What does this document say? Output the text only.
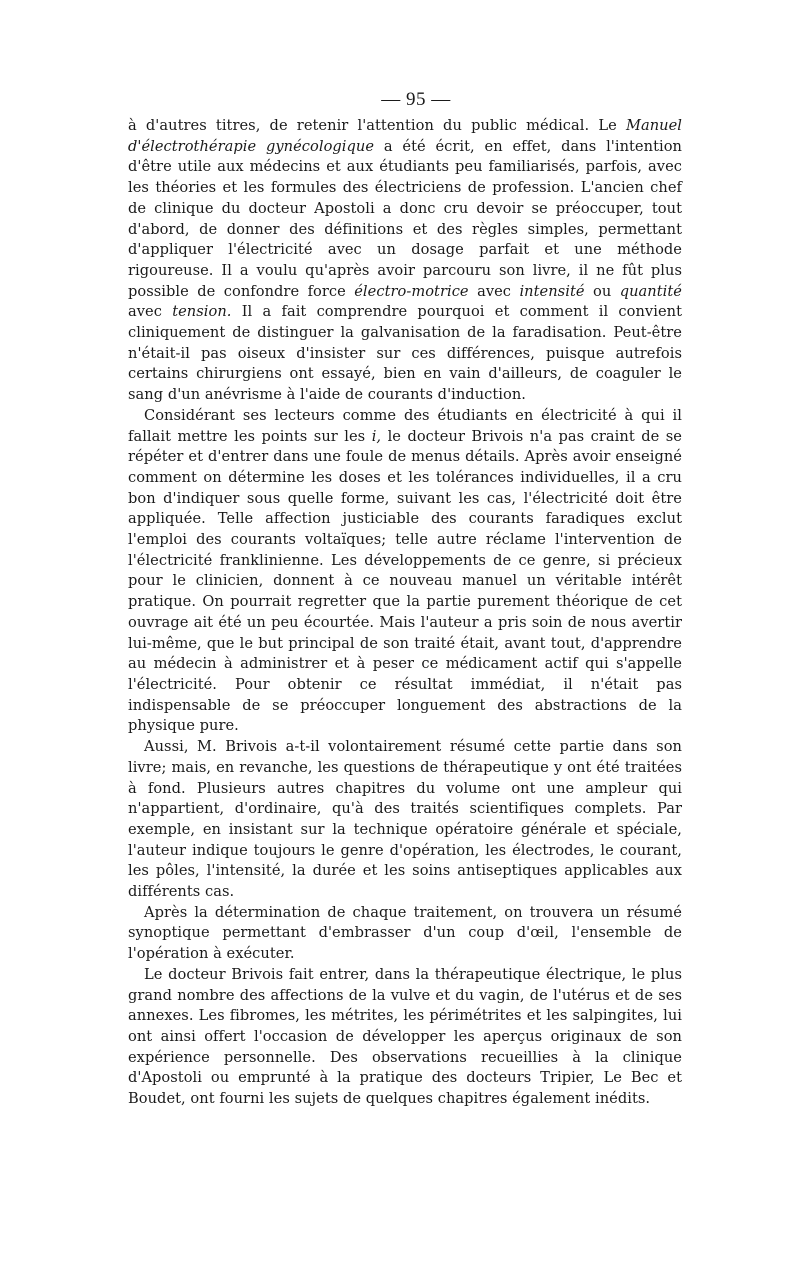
— 95 —

à d'autres titres, de retenir l'attention du public médical. Le Manuel d'électrothérapie gynécologique a été écrit, en effet, dans l'intention d'être utile aux médecins et aux étudiants peu familiarisés, parfois, avec les théories et les formules des électriciens de profession. L'ancien chef de clinique du docteur Apostoli a donc cru devoir se préoccuper, tout d'abord, de donner des définitions et des règles simples, permettant d'appliquer l'électricité avec un dosage parfait et une méthode rigoureuse. Il a voulu qu'après avoir parcouru son livre, il ne fût plus possible de confondre force électro-motrice avec intensité ou quantité avec tension. Il a fait comprendre pourquoi et comment il convient cliniquement de distinguer la galvanisation de la faradisation. Peut-être n'était-il pas oiseux d'insister sur ces différences, puisque autrefois certains chirurgiens ont essayé, bien en vain d'ailleurs, de coaguler le sang d'un anévrisme à l'aide de courants d'induction.

Considérant ses lecteurs comme des étudiants en électricité à qui il fallait mettre les points sur les i, le docteur Brivois n'a pas craint de se répéter et d'entrer dans une foule de menus détails. Après avoir enseigné comment on détermine les doses et les tolérances individuelles, il a cru bon d'indiquer sous quelle forme, suivant les cas, l'électricité doit être appliquée. Telle affection justiciable des courants faradiques exclut l'emploi des courants voltaïques; telle autre réclame l'intervention de l'électricité franklinienne. Les développements de ce genre, si précieux pour le clinicien, donnent à ce nouveau manuel un véritable intérêt pratique. On pourrait regretter que la partie purement théorique de cet ouvrage ait été un peu écourtée. Mais l'auteur a pris soin de nous avertir lui-même, que le but principal de son traité était, avant tout, d'apprendre au médecin à administrer et à peser ce médicament actif qui s'appelle l'électricité. Pour obtenir ce résultat immédiat, il n'était pas indispensable de se préoccuper longuement des abstractions de la physique pure.

Aussi, M. Brivois a-t-il volontairement résumé cette partie dans son livre; mais, en revanche, les questions de thérapeutique y ont été traitées à fond. Plusieurs autres chapitres du volume ont une ampleur qui n'appartient, d'ordinaire, qu'à des traités scientifiques complets. Par exemple, en insistant sur la technique opératoire générale et spéciale, l'auteur indique toujours le genre d'opération, les électrodes, le courant, les pôles, l'intensité, la durée et les soins antiseptiques applicables aux différents cas.

Après la détermination de chaque traitement, on trouvera un résumé synoptique permettant d'embrasser d'un coup d'œil, l'ensemble de l'opération à exécuter.

Le docteur Brivois fait entrer, dans la thérapeutique électrique, le plus grand nombre des affections de la vulve et du vagin, de l'utérus et de ses annexes. Les fibromes, les métrites, les périmétrites et les salpingites, lui ont ainsi offert l'occasion de développer les aperçus originaux de son expérience personnelle. Des observations recueillies à la clinique d'Apostoli ou emprunté à la pratique des docteurs Tripier, Le Bec et Boudet, ont fourni les sujets de quelques chapitres également inédits.
